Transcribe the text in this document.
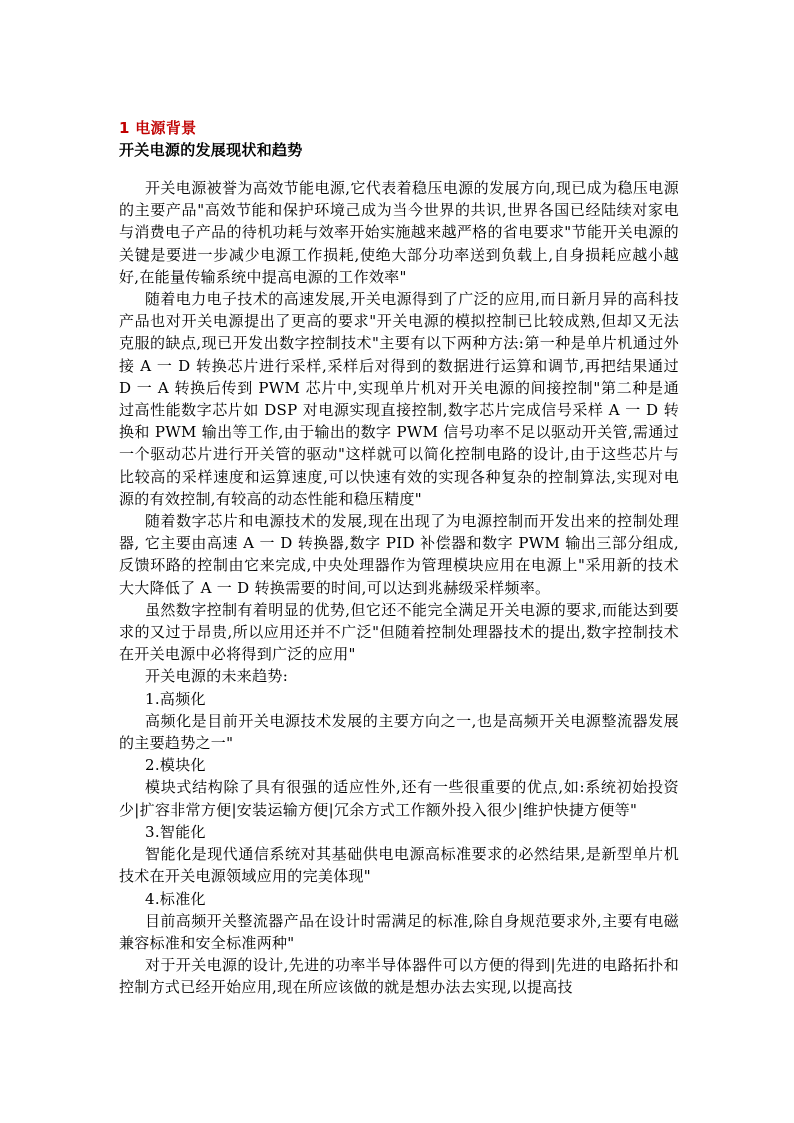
1 电源背景
开关电源的发展现状和趋势

开关电源被誉为高效节能电源,它代表着稳压电源的发展方向,现已成为稳压电源的主要产品"高效节能和保护环境己成为当今世界的共识,世界各国已经陆续对家电与消费电子产品的待机功耗与效率开始实施越来越严格的省电要求"节能开关电源的关键是要进一步减少电源工作损耗,使绝大部分功率送到负载上,自身损耗应越小越好,在能量传输系统中提高电源的工作效率"

随着电力电子技术的高速发展,开关电源得到了广泛的应用,而日新月异的高科技产品也对开关电源提出了更高的要求"开关电源的模拟控制已比较成熟,但却又无法克服的缺点,现已开发出数字控制技术"主要有以下两种方法:第一种是单片机通过外接 A 一 D 转换芯片进行采样,采样后对得到的数据进行运算和调节,再把结果通过 D 一 A 转换后传到 PWM 芯片中,实现单片机对开关电源的间接控制"第二种是通过高性能数字芯片如 DSP 对电源实现直接控制,数字芯片完成信号采样 A 一 D 转换和 PWM 输出等工作,由于输出的数字 PWM 信号功率不足以驱动开关管,需通过一个驱动芯片进行开关管的驱动"这样就可以简化控制电路的设计,由于这些芯片与比较高的采样速度和运算速度,可以快速有效的实现各种复杂的控制算法,实现对电源的有效控制,有较高的动态性能和稳压精度"

随着数字芯片和电源技术的发展,现在出现了为电源控制而开发出来的控制处理器, 它主要由高速 A 一 D 转换器,数字 PID 补偿器和数字 PWM 输出三部分组成,反馈环路的控制由它来完成,中央处理器作为管理模块应用在电源上"采用新的技术大大降低了 A 一 D 转换需要的时间,可以达到兆赫级采样频率。

虽然数字控制有着明显的优势,但它还不能完全满足开关电源的要求,而能达到要求的又过于昂贵,所以应用还并不广泛"但随着控制处理器技术的提出,数字控制技术在开关电源中必将得到广泛的应用"

开关电源的未来趋势:

1.高频化

高频化是目前开关电源技术发展的主要方向之一,也是高频开关电源整流器发展的主要趋势之一"

2.模块化

模块式结构除了具有很强的适应性外,还有一些很重要的优点,如:系统初始投资少|扩容非常方便|安装运输方便|冗余方式工作额外投入很少|维护快捷方便等"

3.智能化

智能化是现代通信系统对其基础供电电源高标准要求的必然结果,是新型单片机技术在开关电源领域应用的完美体现"

4.标准化

目前高频开关整流器产品在设计时需满足的标准,除自身规范要求外,主要有电磁兼容标准和安全标准两种"

对于开关电源的设计,先进的功率半导体器件可以方便的得到|先进的电路拓扑和控制方式已经开始应用,现在所应该做的就是想办法去实现,以提高技
